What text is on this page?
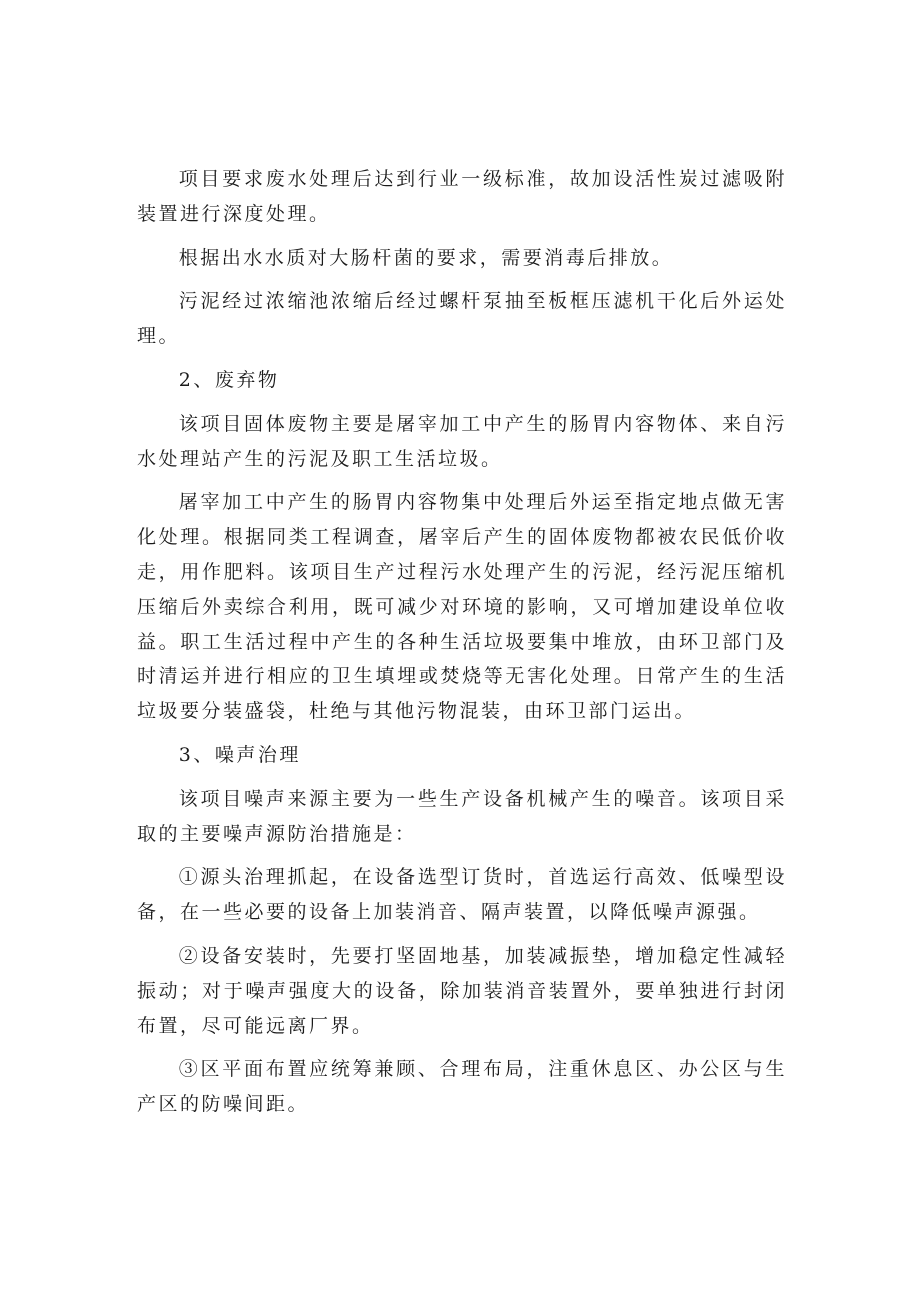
项目要求废水处理后达到行业一级标准，故加设活性炭过滤吸附装置进行深度处理。

根据出水水质对大肠杆菌的要求，需要消毒后排放。

污泥经过浓缩池浓缩后经过螺杆泵抽至板框压滤机干化后外运处理。

2、废弃物

该项目固体废物主要是屠宰加工中产生的肠胃内容物体、来自污水处理站产生的污泥及职工生活垃圾。

屠宰加工中产生的肠胃内容物集中处理后外运至指定地点做无害化处理。根据同类工程调查，屠宰后产生的固体废物都被农民低价收走，用作肥料。该项目生产过程污水处理产生的污泥，经污泥压缩机压缩后外卖综合利用，既可减少对环境的影响，又可增加建设单位收益。职工生活过程中产生的各种生活垃圾要集中堆放，由环卫部门及时清运并进行相应的卫生填埋或焚烧等无害化处理。日常产生的生活垃圾要分装盛袋，杜绝与其他污物混装，由环卫部门运出。

3、噪声治理

该项目噪声来源主要为一些生产设备机械产生的噪音。该项目采取的主要噪声源防治措施是：

①源头治理抓起，在设备选型订货时，首选运行高效、低噪型设备，在一些必要的设备上加装消音、隔声装置，以降低噪声源强。

②设备安装时，先要打坚固地基，加装减振垫，增加稳定性减轻振动；对于噪声强度大的设备，除加装消音装置外，要单独进行封闭布置，尽可能远离厂界。

③区平面布置应统筹兼顾、合理布局，注重休息区、办公区与生产区的防噪间距。
